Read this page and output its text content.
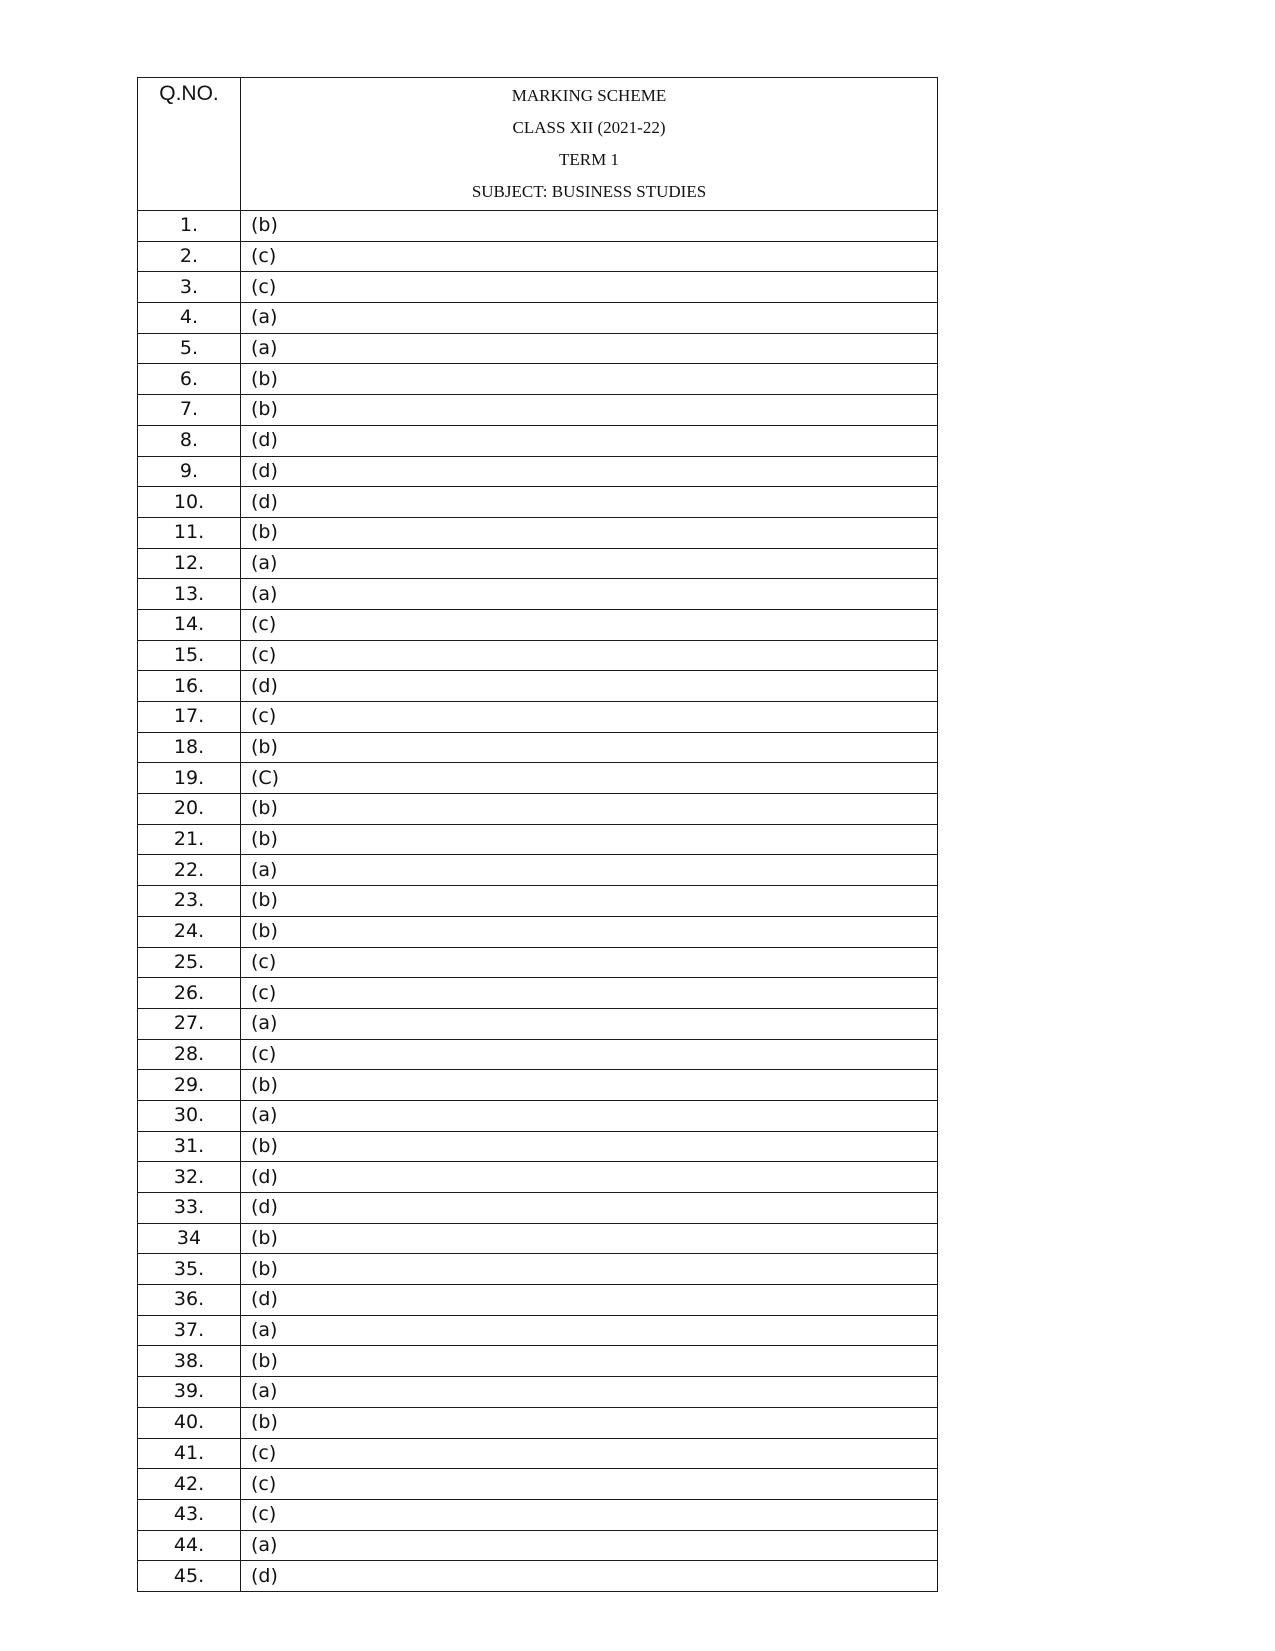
Q.NO.	MARKING SCHEME
CLASS XII (2021-22)
TERM 1
SUBJECT: BUSINESS STUDIES

1.	(b)
2.	(c)
3.	(c)
4.	(a)
5.	(a)
6.	(b)
7.	(b)
8.	(d)
9.	(d)
10.	(d)
11.	(b)
12.	(a)
13.	(a)
14.	(c)
15.	(c)
16.	(d)
17.	(c)
18.	(b)
19.	(C)
20.	(b)
21.	(b)
22.	(a)
23.	(b)
24.	(b)
25.	(c)
26.	(c)
27.	(a)
28.	(c)
29.	(b)
30.	(a)
31.	(b)
32.	(d)
33.	(d)
34	(b)
35.	(b)
36.	(d)
37.	(a)
38.	(b)
39.	(a)
40.	(b)
41.	(c)
42.	(c)
43.	(c)
44.	(a)
45.	(d)
